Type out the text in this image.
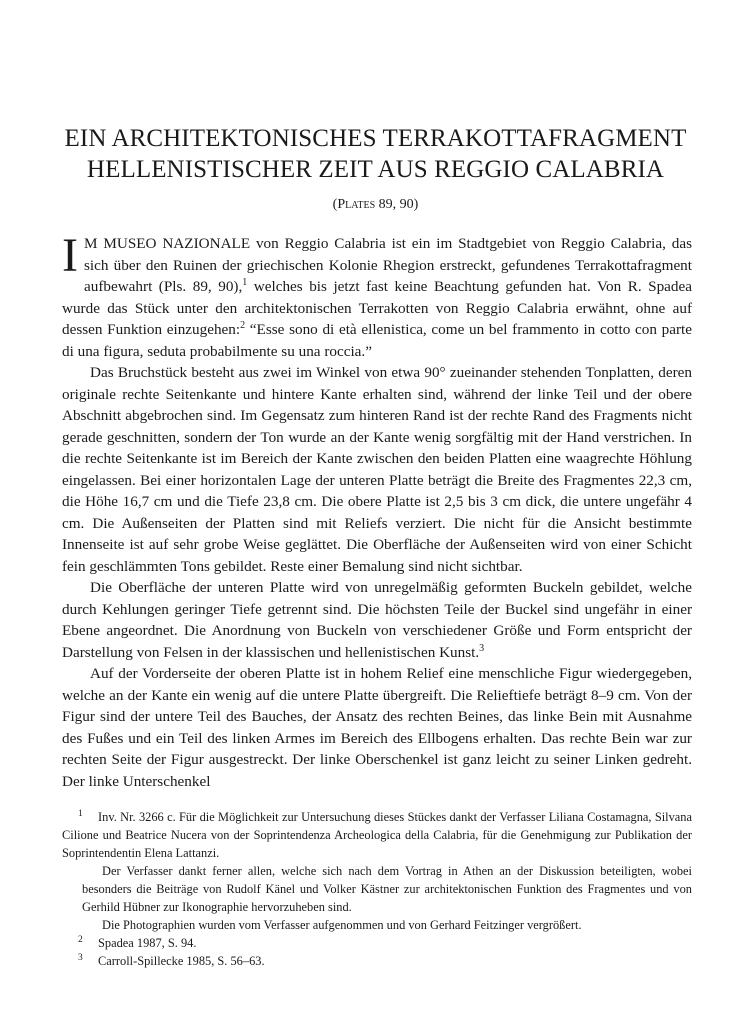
EIN ARCHITEKTONISCHES TERRAKOTTAFRAGMENT
HELLENISTISCHER ZEIT AUS REGGIO CALABRIA
(Plates 89, 90)

I M MUSEO NAZIONALE von Reggio Calabria ist ein im Stadtgebiet von Reggio Calabria, das sich über den Ruinen der griechischen Kolonie Rhegion erstreckt, gefundenes Terrakottafragment aufbewahrt (Pls. 89, 90),$^1$ welches bis jetzt fast keine Beachtung gefunden hat. Von R. Spadea wurde das Stück unter den architektonischen Terrakotten von Reggio Calabria erwähnt, ohne auf dessen Funktion einzugehen:$^2$ “Esse sono di età ellenistica, come un bel frammento in cotto con parte di una figura, seduta probabilmente su una roccia.”

Das Bruchstück besteht aus zwei im Winkel von etwa 90° zueinander stehenden Tonplatten, deren originale rechte Seitenkante und hintere Kante erhalten sind, während der linke Teil und der obere Abschnitt abgebrochen sind. Im Gegensatz zum hinteren Rand ist der rechte Rand des Fragments nicht gerade geschnitten, sondern der Ton wurde an der Kante wenig sorgfältig mit der Hand verstrichen. In die rechte Seitenkante ist im Bereich der Kante zwischen den beiden Platten eine waagrechte Höhlung eingelassen. Bei einer horizontalen Lage der unteren Platte beträgt die Breite des Fragmentes 22,3 cm, die Höhe 16,7 cm und die Tiefe 23,8 cm. Die obere Platte ist 2,5 bis 3 cm dick, die untere ungefähr 4 cm. Die Außenseiten der Platten sind mit Reliefs verziert. Die nicht für die Ansicht bestimmte Innenseite ist auf sehr grobe Weise geglättet. Die Oberfläche der Außenseiten wird von einer Schicht fein geschlämmten Tons gebildet. Reste einer Bemalung sind nicht sichtbar.

Die Oberfläche der unteren Platte wird von unregelmäßig geformten Buckeln gebildet, welche durch Kehlungen geringer Tiefe getrennt sind. Die höchsten Teile der Buckel sind ungefähr in einer Ebene angeordnet. Die Anordnung von Buckeln von verschiedener Größe und Form entspricht der Darstellung von Felsen in der klassischen und hellenistischen Kunst.$^3$

Auf der Vorderseite der oberen Platte ist in hohem Relief eine menschliche Figur wiedergegeben, welche an der Kante ein wenig auf die untere Platte übergreift. Die Relieftiefe beträgt 8–9 cm. Von der Figur sind der untere Teil des Bauches, der Ansatz des rechten Beines, das linke Bein mit Ausnahme des Fußes und ein Teil des linken Armes im Bereich des Ellbogens erhalten. Das rechte Bein war zur rechten Seite der Figur ausgestreckt. Der linke Oberschenkel ist ganz leicht zu seiner Linken gedreht. Der linke Unterschenkel

1 Inv. Nr. 3266 c. Für die Möglichkeit zur Untersuchung dieses Stückes dankt der Verfasser Liliana Costamagna, Silvana Cilione und Beatrice Nucera von der Soprintendenza Archeologica della Calabria, für die Genehmigung zur Publikation der Soprintendentin Elena Lattanzi.

Der Verfasser dankt ferner allen, welche sich nach dem Vortrag in Athen an der Diskussion beteiligten, wobei besonders die Beiträge von Rudolf Känel und Volker Kästner zur architektonischen Funktion des Fragmentes und von Gerhild Hübner zur Ikonographie hervorzuheben sind.

Die Photographien wurden vom Verfasser aufgenommen und von Gerhard Feitzinger vergrößert.

2 Spadea 1987, S. 94.

3 Carroll-Spillecke 1985, S. 56–63.
